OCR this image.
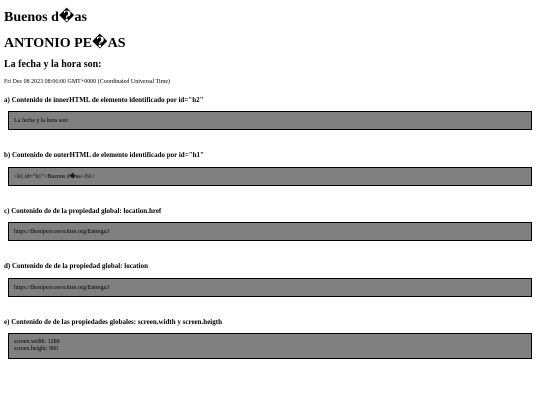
Buenos d�as
ANTONIO PE�AS
La fecha y la hora son:
Fri Dec 08 2023 08:06:00 GMT+0000 (Coordinated Universal Time)
a) Contenido de innerHTML de elemento identificado por id="h2"
La fecha y la hora son:
b) Contenido de outerHTML de elemento identificado por id="h1"
<h1 id="h1">Buenos d�as</h1>
c) Contenido de de la propiedad global: location.href
https://thonipero.neocities.org/Entrega3
d) Contenido de de la propiedad global: location
https://thonipero.neocities.org/Entrega3
e) Contenido de de las propiedades globales: screen.width y screen.heigth
screen.width: 1280
screen.height: 960
